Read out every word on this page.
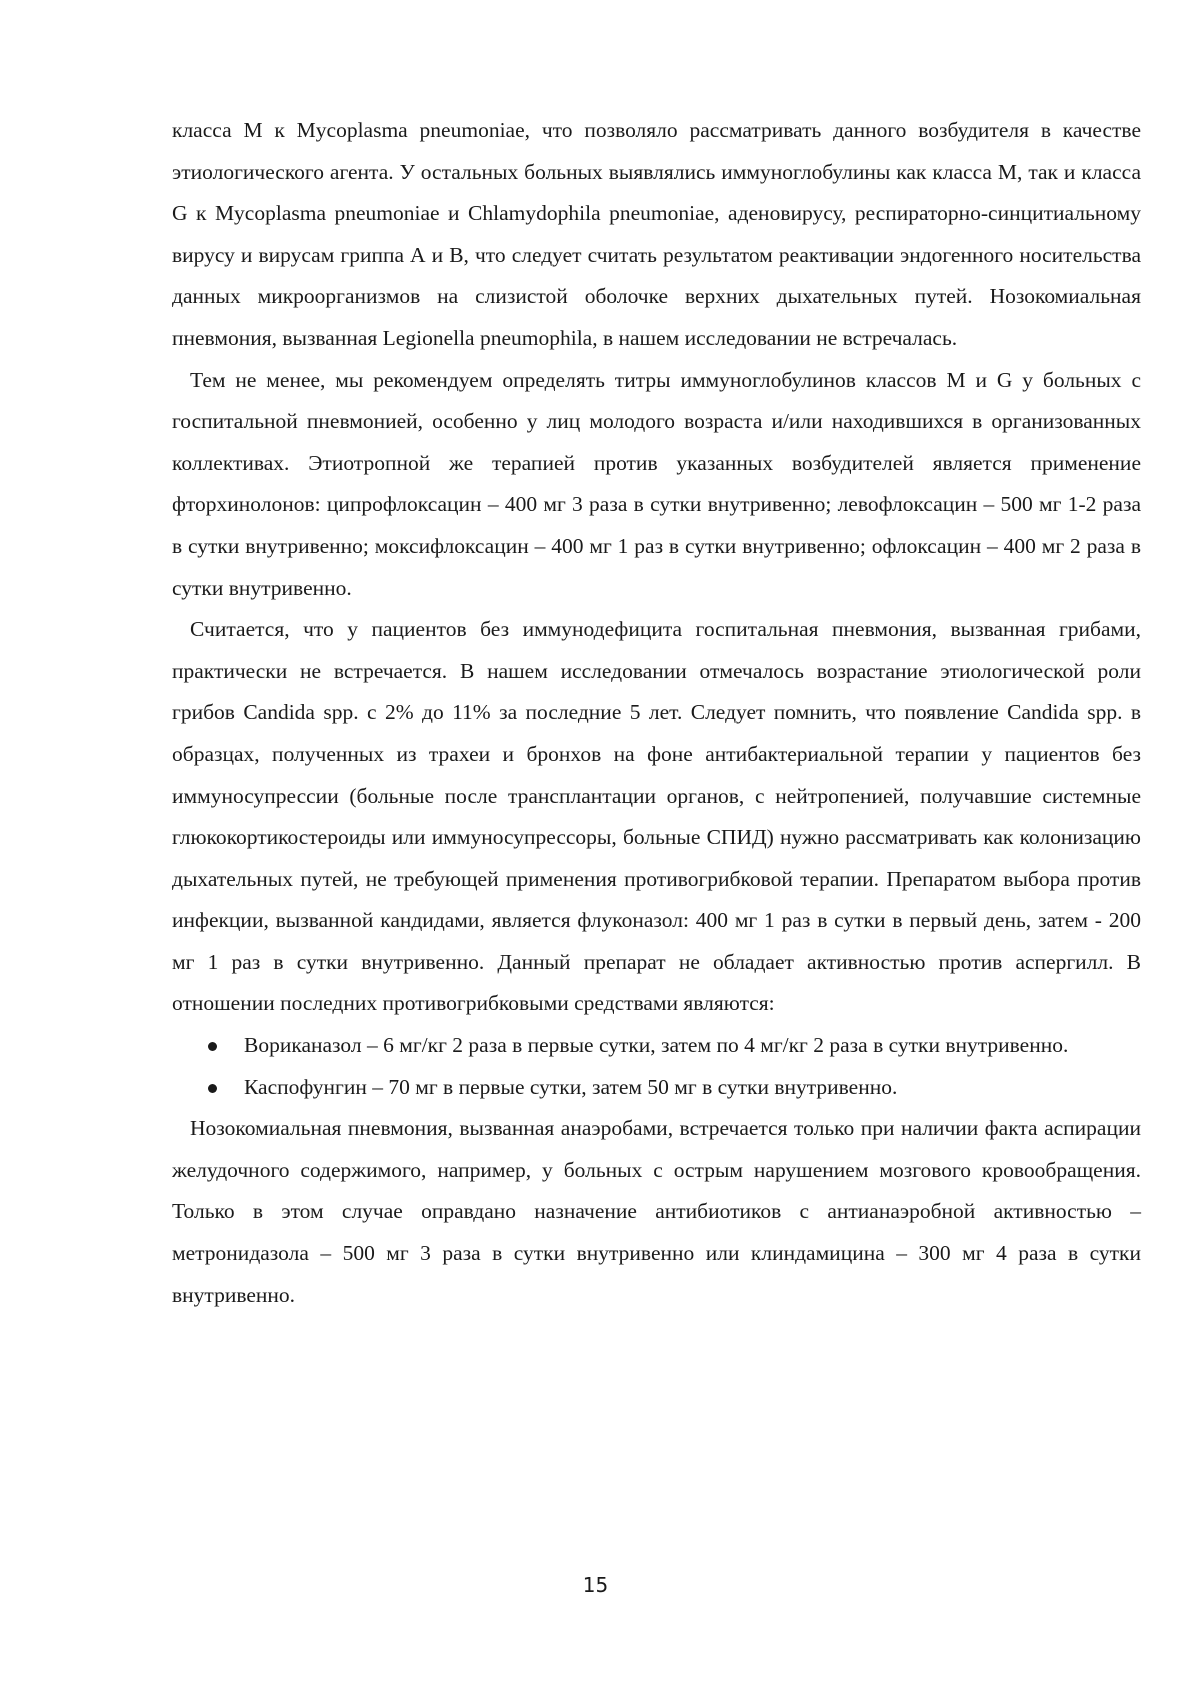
класса М к Mycoplasma pneumoniae, что позволяло рассматривать данного возбудителя в качестве этиологического агента. У остальных больных выявлялись иммуноглобулины как класса М, так и класса G к Mycoplasma pneumoniae и Chlamydophila pneumoniae, аденовирусу, респираторно-синцитиальному вирусу и вирусам гриппа А и В, что следует считать результатом реактивации эндогенного носительства данных микроорганизмов на слизистой оболочке верхних дыхательных путей. Нозокомиальная пневмония, вызванная Legionella pneumophila, в нашем исследовании не встречалась.

Тем не менее, мы рекомендуем определять титры иммуноглобулинов классов М и G у больных с госпитальной пневмонией, особенно у лиц молодого возраста и/или находившихся в организованных коллективах. Этиотропной же терапией против указанных возбудителей является применение фторхинолонов: ципрофлоксацин – 400 мг 3 раза в сутки внутривенно; левофлоксацин – 500 мг 1-2 раза в сутки внутривенно; моксифлоксацин – 400 мг 1 раз в сутки внутривенно; офлоксацин – 400 мг 2 раза в сутки внутривенно.

Считается, что у пациентов без иммунодефицита госпитальная пневмония, вызванная грибами, практически не встречается. В нашем исследовании отмечалось возрастание этиологической роли грибов Candida spp. с 2% до 11% за последние 5 лет. Следует помнить, что появление Candida spp. в образцах, полученных из трахеи и бронхов на фоне антибактериальной терапии у пациентов без иммуносупрессии (больные после трансплантации органов, с нейтропенией, получавшие системные глюкокортикостероиды или иммуносупрессоры, больные СПИД) нужно рассматривать как колонизацию дыхательных путей, не требующей применения противогрибковой терапии. Препаратом выбора против инфекции, вызванной кандидами, является флуконазол: 400 мг 1 раз в сутки в первый день, затем - 200 мг 1 раз в сутки внутривенно. Данный препарат не обладает активностью против аспергилл. В отношении последних противогрибковыми средствами являются:

Вориканазол – 6 мг/кг 2 раза в первые сутки, затем по 4 мг/кг 2 раза в сутки внутривенно.
Каспофунгин – 70 мг в первые сутки, затем 50 мг в сутки внутривенно.

Нозокомиальная пневмония, вызванная анаэробами, встречается только при наличии факта аспирации желудочного содержимого, например, у больных с острым нарушением мозгового кровообращения. Только в этом случае оправдано назначение антибиотиков с антианаэробной активностью – метронидазола – 500 мг 3 раза в сутки внутривенно или клиндамицина – 300 мг 4 раза в сутки внутривенно.

15
